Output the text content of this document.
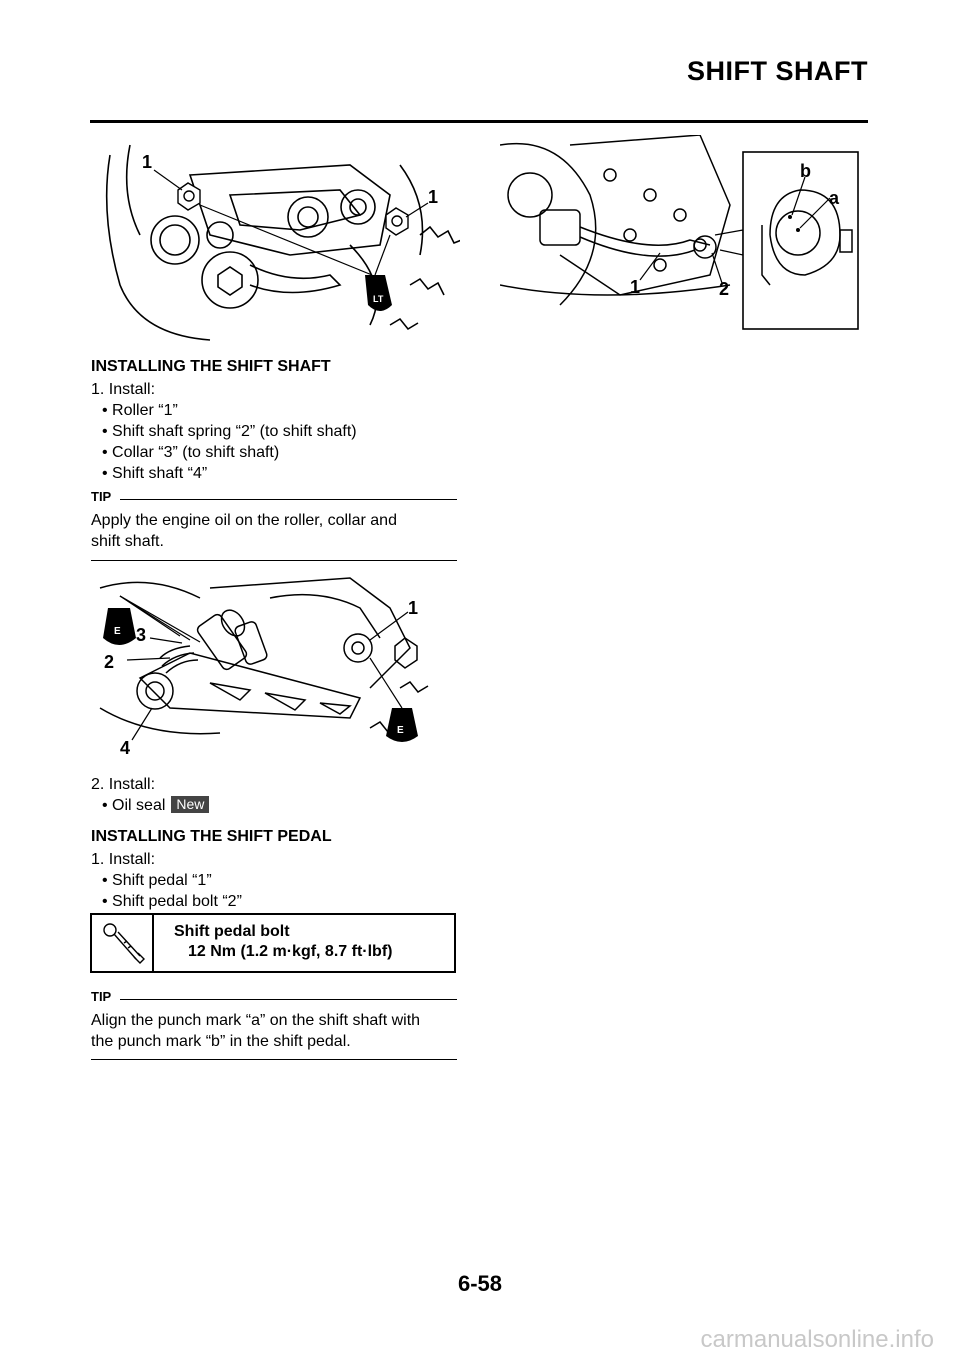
SHIFT SHAFT
LT
1
1
1	2
b
a
INSTALLING THE SHIFT SHAFT
1. Install:
• Roller “1”
• Shift shaft spring “2” (to shift shaft)
• Collar “3” (to shift shaft)
• Shift shaft “4”
TIP
Apply the engine oil on the roller, collar and
shift shaft.
E
E
1
3
2
4
2. Install:
• Oil seal New
INSTALLING THE SHIFT PEDAL
1. Install:
• Shift pedal “1”
• Shift pedal bolt “2”
Shift pedal bolt
12 Nm (1.2 m·kgf, 8.7 ft·lbf)
TIP
Align the punch mark “a” on the shift shaft with
the punch mark “b” in the shift pedal.
6-58
carmanualsonline.info
